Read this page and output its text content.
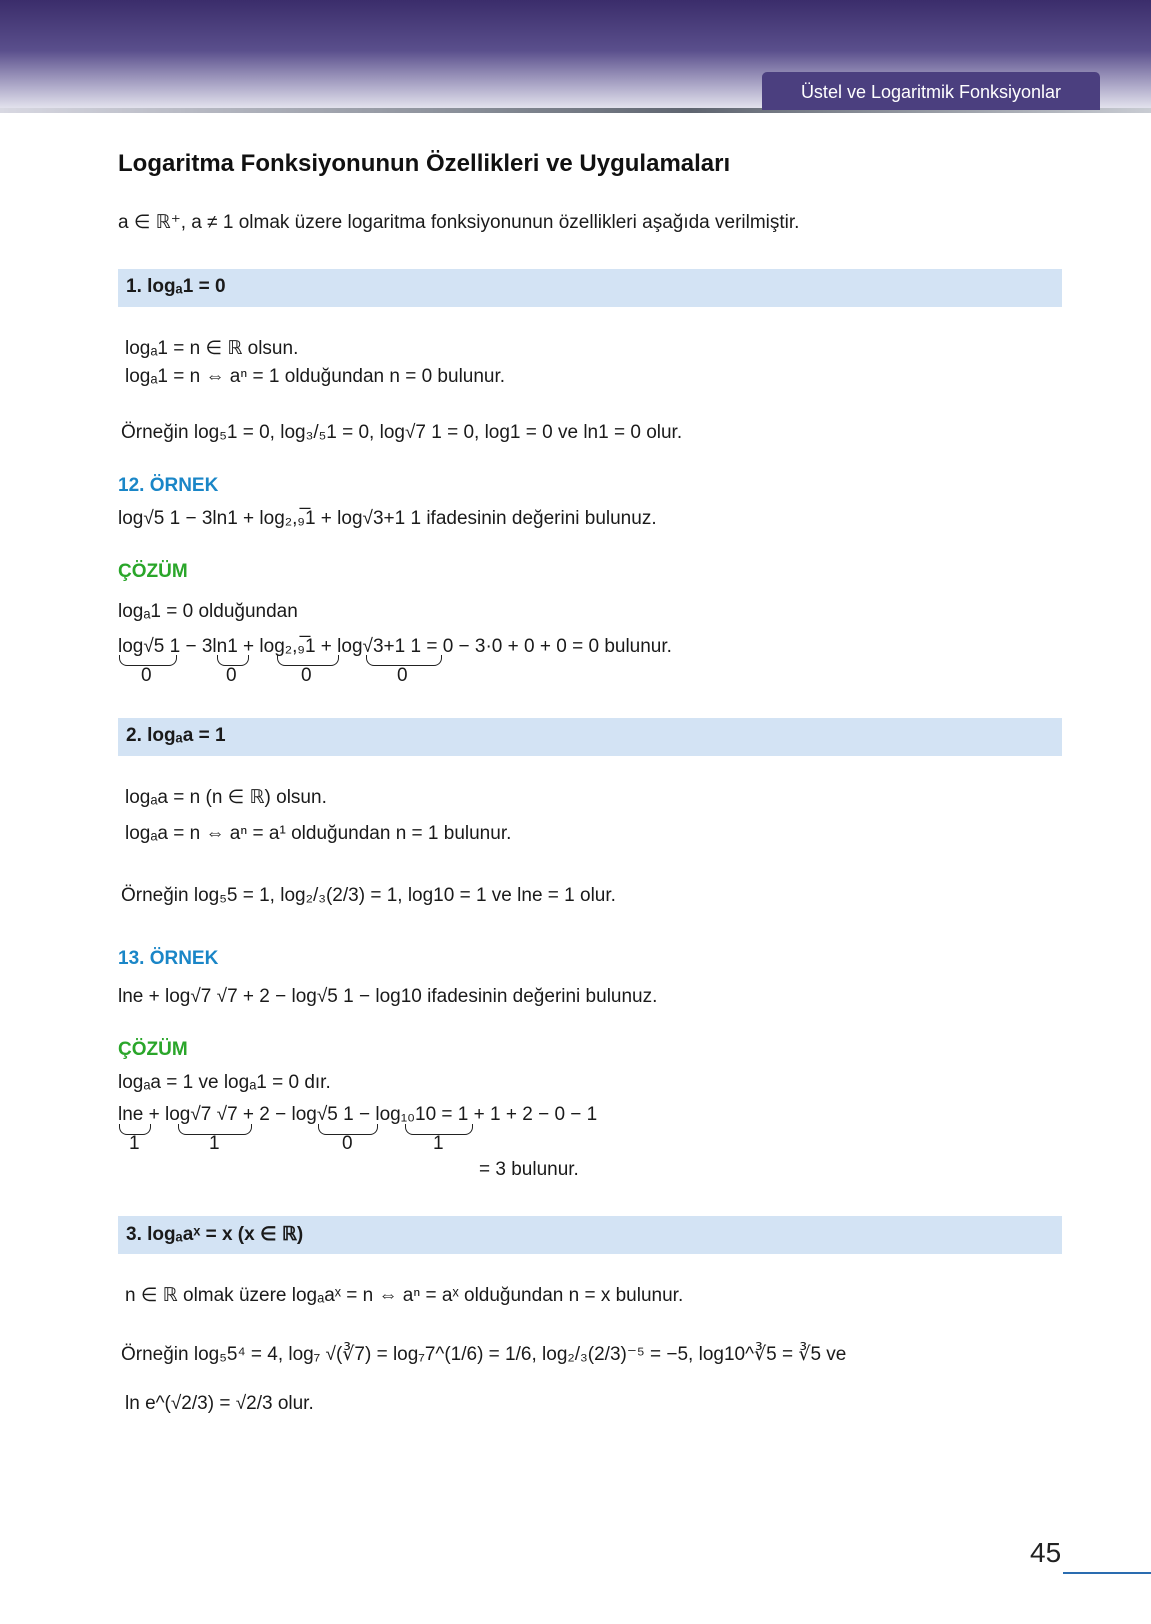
Üstel ve Logaritmik Fonksiyonlar
Logaritma Fonksiyonunun Özellikleri ve Uygulamaları
a ∈ ℝ⁺, a ≠ 1 olmak üzere logaritma fonksiyonunun özellikleri aşağıda verilmiştir.
1. logₐ1 = 0
logₐ1 = n ∈ ℝ olsun.
logₐ1 = n ⇔ aⁿ = 1 olduğundan n = 0 bulunur.
Örneğin log₅1 = 0, log₃/₅1 = 0, log√7 1 = 0, log1 = 0 ve ln1 = 0 olur.
12. ÖRNEK
log√5 1 − 3ln1 + log₂,₉̅1 + log√3+1 1 ifadesinin değerini bulunuz.
ÇÖZÜM
logₐ1 = 0 olduğundan
log√5 1 − 3ln1 + log₂,₉̅1 + log√3+1 1 = 0 − 3·0 + 0 + 0 = 0 bulunur.
0	0	0	0
2. logₐa = 1
logₐa = n (n ∈ ℝ) olsun.
logₐa = n ⇔ aⁿ = a¹ olduğundan n = 1 bulunur.
Örneğin log₅5 = 1, log₂/₃(2/3) = 1, log10 = 1 ve lne = 1 olur.
13. ÖRNEK
lne + log√7 √7 + 2 − log√5 1 − log10 ifadesinin değerini bulunuz.
ÇÖZÜM
logₐa = 1 ve logₐ1 = 0 dır.
lne + log√7 √7 + 2 − log√5 1 − log₁₀10 = 1 + 1 + 2 − 0 − 1
1	1	0	1
= 3 bulunur.
3. logₐaˣ = x (x ∈ ℝ)
n ∈ ℝ olmak üzere logₐaˣ = n ⇔ aⁿ = aˣ olduğundan n = x bulunur.
Örneğin log₅5⁴ = 4, log₇ √(∛7) = log₇7^(1/6) = 1/6, log₂/₃(2/3)⁻⁵ = −5, log10^∛5 = ∛5 ve
ln e^(√2/3) = √2/3 olur.
45
